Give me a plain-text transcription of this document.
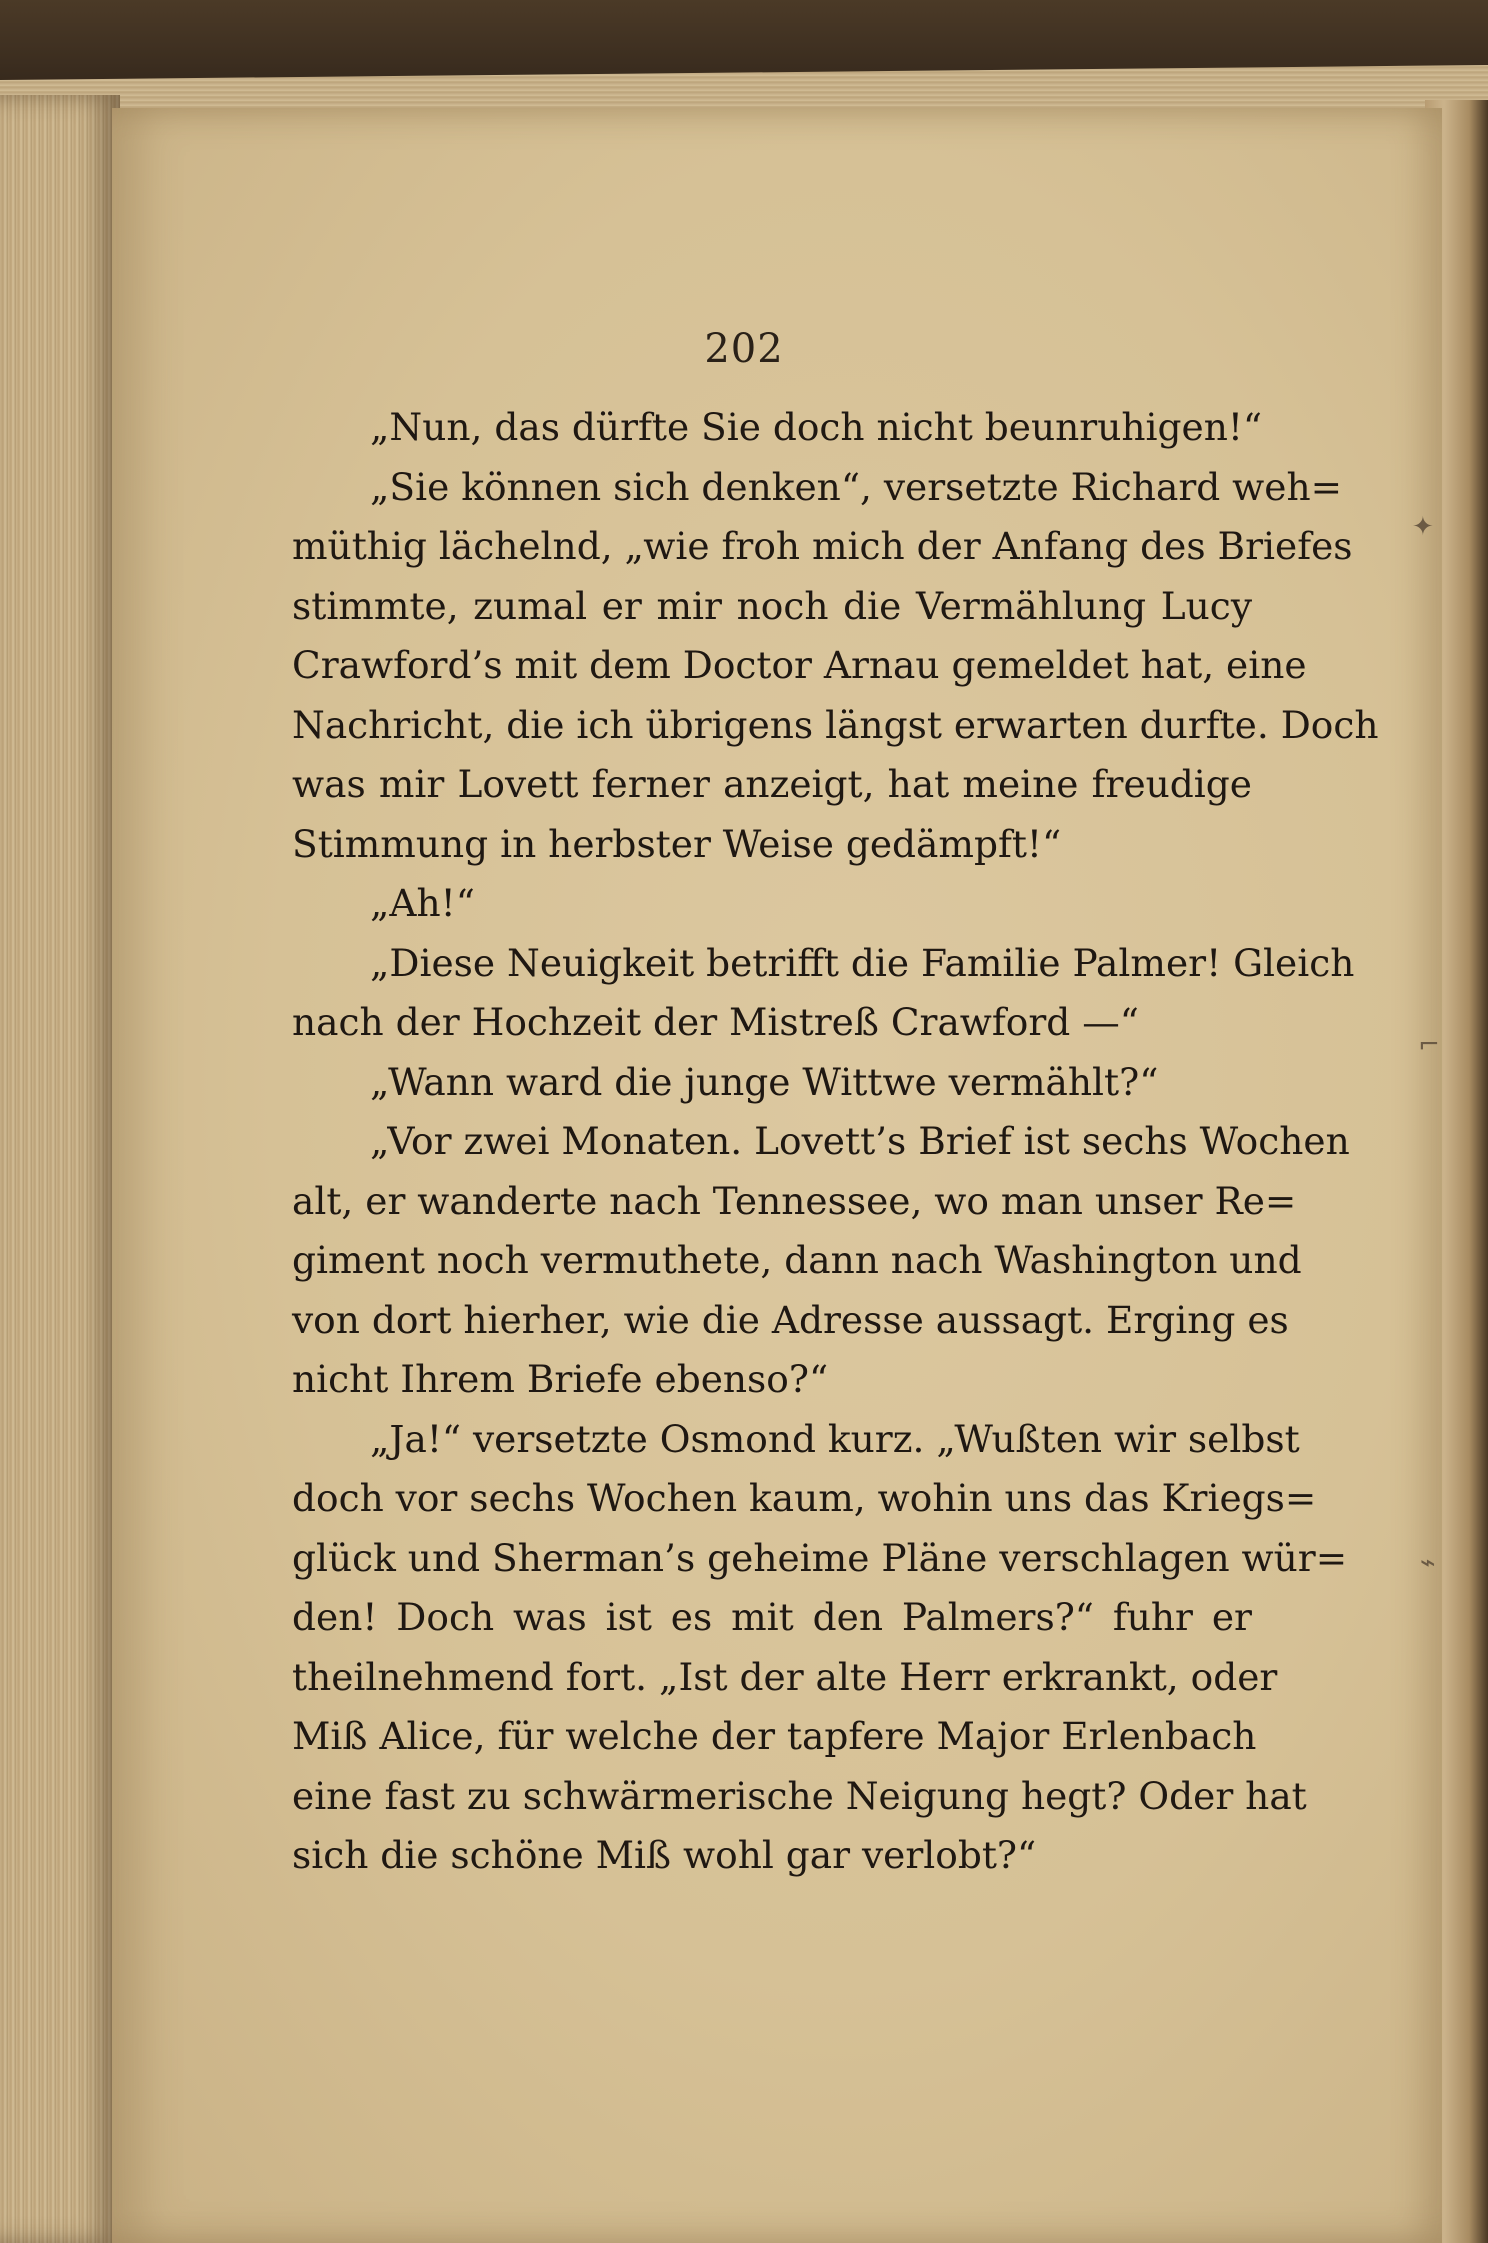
202
„Nun, das dürfte Sie doch nicht beunruhigen!“
„Sie können sich denken“, versetzte Richard weh=
müthig lächelnd, „wie froh mich der Anfang des Briefes
stimmte, zumal er mir noch die Vermählung Lucy
Crawford’s mit dem Doctor Arnau gemeldet hat, eine
Nachricht, die ich übrigens längst erwarten durfte. Doch
was mir Lovett ferner anzeigt, hat meine freudige
Stimmung in herbster Weise gedämpft!“
„Ah!“
„Diese Neuigkeit betrifft die Familie Palmer! Gleich
nach der Hochzeit der Mistreß Crawford —“
„Wann ward die junge Wittwe vermählt?“
„Vor zwei Monaten. Lovett’s Brief ist sechs Wochen
alt, er wanderte nach Tennessee, wo man unser Re=
giment noch vermuthete, dann nach Washington und
von dort hierher, wie die Adresse aussagt. Erging es
nicht Ihrem Briefe ebenso?“
„Ja!“ versetzte Osmond kurz. „Wußten wir selbst
doch vor sechs Wochen kaum, wohin uns das Kriegs=
glück und Sherman’s geheime Pläne verschlagen wür=
den! Doch was ist es mit den Palmers?“ fuhr er
theilnehmend fort. „Ist der alte Herr erkrankt, oder
Miß Alice, für welche der tapfere Major Erlenbach
eine fast zu schwärmerische Neigung hegt? Oder hat
sich die schöne Miß wohl gar verlobt?“
✦
⌐
⌁
